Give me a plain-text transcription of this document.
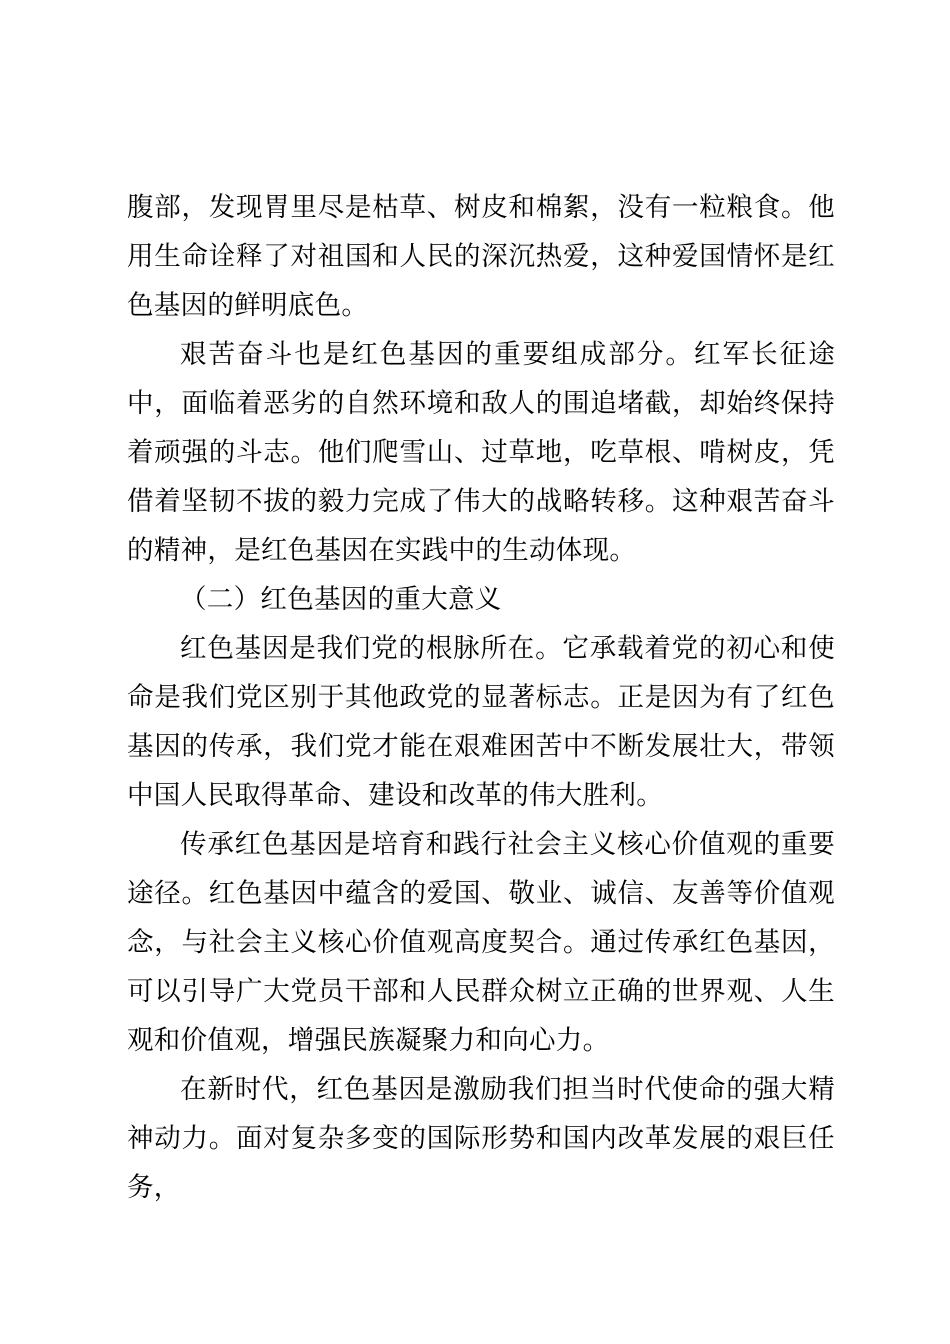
腹部，发现胃里尽是枯草、树皮和棉絮，没有一粒粮食。他用生命诠释了对祖国和人民的深沉热爱，这种爱国情怀是红色基因的鲜明底色。

艰苦奋斗也是红色基因的重要组成部分。红军长征途中，面临着恶劣的自然环境和敌人的围追堵截，却始终保持着顽强的斗志。他们爬雪山、过草地，吃草根、啃树皮，凭借着坚韧不拔的毅力完成了伟大的战略转移。这种艰苦奋斗的精神，是红色基因在实践中的生动体现。

（二）红色基因的重大意义

红色基因是我们党的根脉所在。它承载着党的初心和使命是我们党区别于其他政党的显著标志。正是因为有了红色基因的传承，我们党才能在艰难困苦中不断发展壮大，带领中国人民取得革命、建设和改革的伟大胜利。

传承红色基因是培育和践行社会主义核心价值观的重要途径。红色基因中蕴含的爱国、敬业、诚信、友善等价值观念，与社会主义核心价值观高度契合。通过传承红色基因，可以引导广大党员干部和人民群众树立正确的世界观、人生观和价值观，增强民族凝聚力和向心力。

在新时代，红色基因是激励我们担当时代使命的强大精神动力。面对复杂多变的国际形势和国内改革发展的艰巨任务，
